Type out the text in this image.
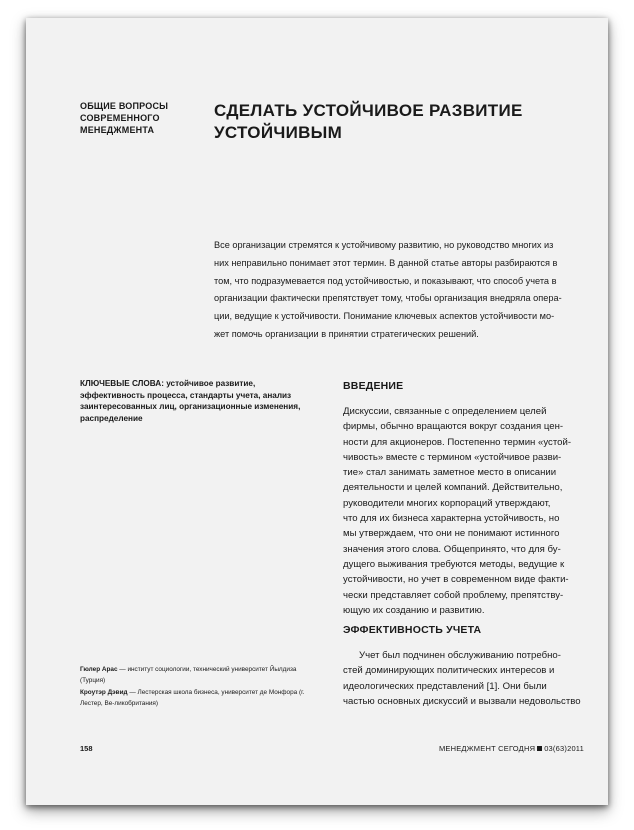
ОБЩИЕ ВОПРОСЫ
СОВРЕМЕННОГО
МЕНЕДЖМЕНТА
СДЕЛАТЬ УСТОЙЧИВОЕ РАЗВИТИЕ
УСТОЙЧИВЫМ

Все организации стремятся к устойчивому развитию, но руководство многих из

них неправильно понимает этот термин. В данной статье авторы разбираются в

том, что подразумевается под устойчивостью, и показывают, что способ учета в

организации фактически препятствует тому, чтобы организация внедряла опера-

ции, ведущие к устойчивости. Понимание ключевых аспектов устойчивости мо-

жет помочь организации в принятии стратегических решений.

КЛЮЧЕВЫЕ СЛОВА: устойчивое развитие, эффективность процесса, стандарты учета, анализ заинтересованных лиц, организационные изменения, распределение
ВВЕДЕНИЕ
Дискуссии, связанные с определением целей
фирмы, обычно вращаются вокруг создания цен-
ности для акционеров. Постепенно термин «устой-
чивость» вместе с термином «устойчивое разви-
тие» стал занимать заметное место в описании
деятельности и целей компаний. Действительно,
руководители многих корпораций утверждают,
что для их бизнеса характерна устойчивость, но
мы утверждаем, что они не понимают истинного
значения этого слова. Общепринято, что для бу-
дущего выживания требуются методы, ведущие к
устойчивости, но учет в современном виде факти-
чески представляет собой проблему, препятству-
ющую их созданию и развитию.
ЭФФЕКТИВНОСТЬ УЧЕТА
Учет был подчинен обслуживанию потребно-
стей доминирующих политических интересов и
идеологических представлений [1]. Они были
частью основных дискуссий и вызвали недовольство
Гюлер Арас — институт социологии, технический университет Йылдиза (Турция)
Кроутэр Дэвид — Лестерская школа бизнеса, университет де Монфора (г. Лестер, Ве-ликобритания)
158	МЕНЕДЖМЕНТ СЕГОДНЯ 03(63)2011
